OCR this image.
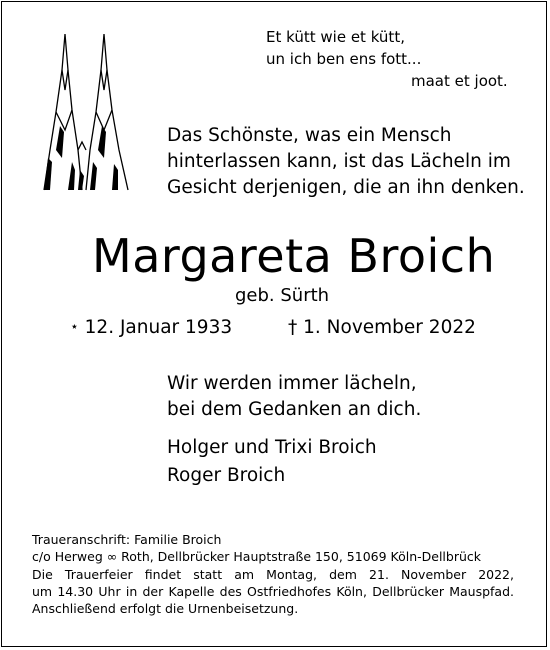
Et kütt wie et kütt,
un ich ben ens fott...
maat et joot.
Das Schönste, was ein Mensch
hinterlassen kann, ist das Lächeln im
Gesicht derjenigen, die an ihn denken.
Margareta Broich
geb. Sürth
⋆ 12. Januar 1933	† 1. November 2022
Wir werden immer lächeln,
bei dem Gedanken an dich.
Holger und Trixi Broich
Roger Broich
Traueranschrift: Familie Broich
c/o Herweg ∞ Roth, Dellbrücker Hauptstraße 150, 51069 Köln-Dellbrück
Die Trauerfeier findet statt am Montag, dem 21. November 2022,
um 14.30 Uhr in der Kapelle des Ostfriedhofes Köln, Dellbrücker Mauspfad.
Anschließend erfolgt die Urnenbeisetzung.
